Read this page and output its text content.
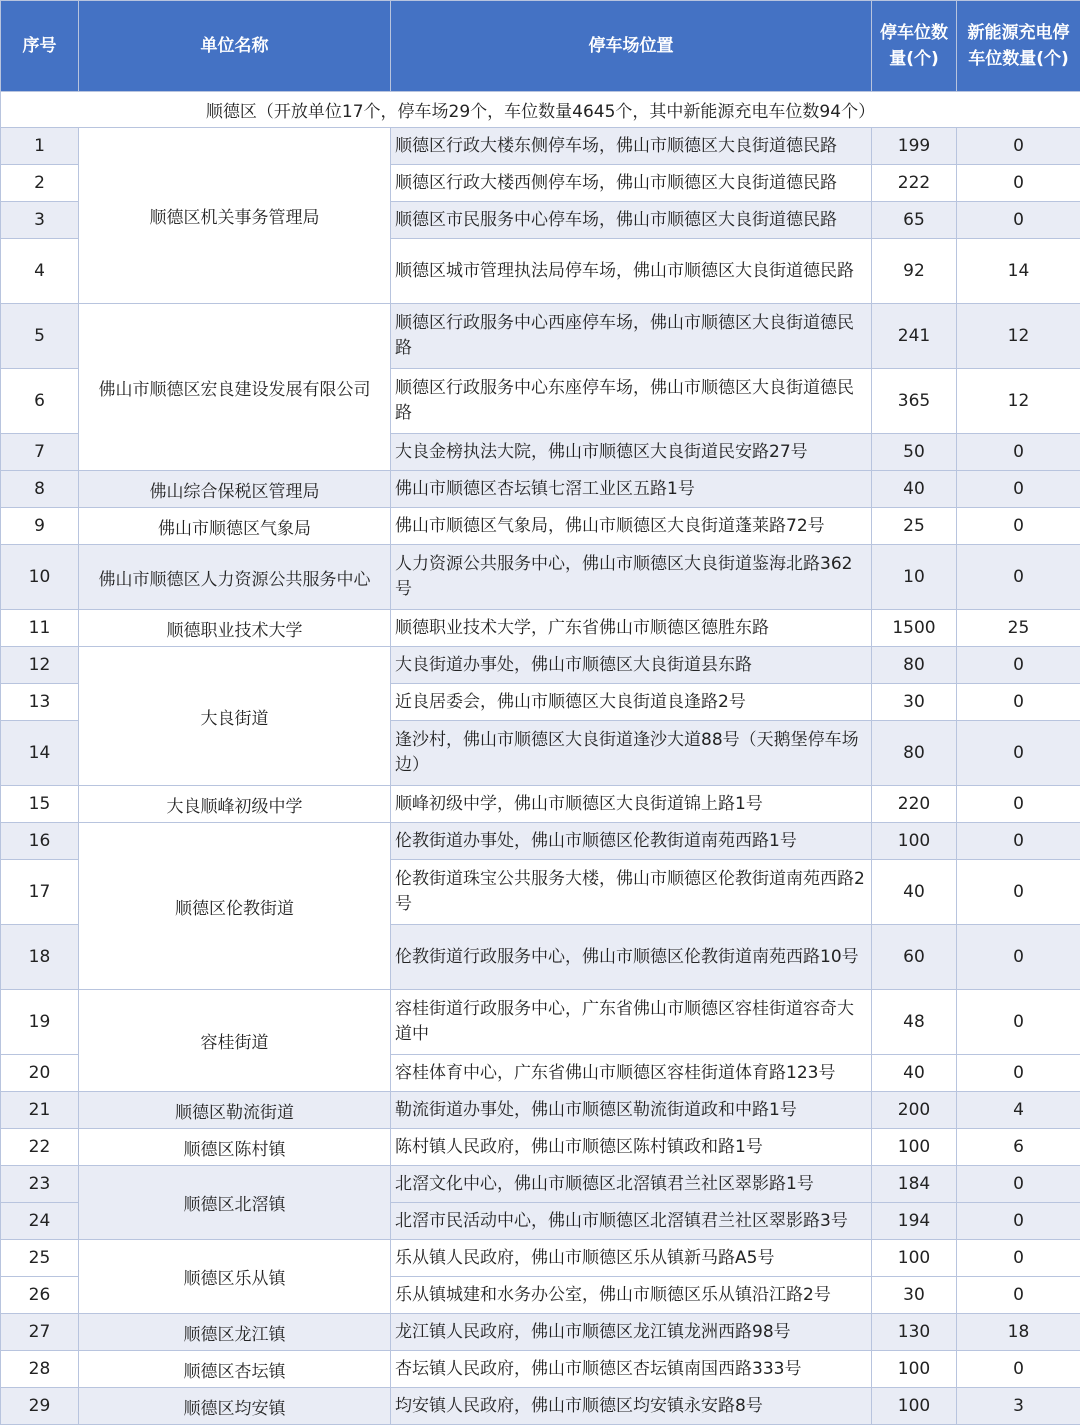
序号	单位名称	停车场位置	停车位数量(个)	新能源充电停车位数量(个)
顺德区（开放单位17个，停车场29个，车位数量4645个，其中新能源充电车位数94个）				
1	顺德区机关事务管理局	顺德区行政大楼东侧停车场，佛山市顺德区大良街道德民路	199	0
2		顺德区行政大楼西侧停车场，佛山市顺德区大良街道德民路	222	0
3		顺德区市民服务中心停车场，佛山市顺德区大良街道德民路	65	0
4		顺德区城市管理执法局停车场，佛山市顺德区大良街道德民路	92	14
5	佛山市顺德区宏良建设发展有限公司	顺德区行政服务中心西座停车场，佛山市顺德区大良街道德民路	241	12
6		顺德区行政服务中心东座停车场，佛山市顺德区大良街道德民路	365	12
7		大良金榜执法大院，佛山市顺德区大良街道民安路27号	50	0
8	佛山综合保税区管理局	佛山市顺德区杏坛镇七滘工业区五路1号	40	0
9	佛山市顺德区气象局	佛山市顺德区气象局，佛山市顺德区大良街道蓬莱路72号	25	0
10	佛山市顺德区人力资源公共服务中心	人力资源公共服务中心，佛山市顺德区大良街道鉴海北路362号	10	0
11	顺德职业技术大学	顺德职业技术大学，广东省佛山市顺德区德胜东路	1500	25
12	大良街道	大良街道办事处，佛山市顺德区大良街道县东路	80	0
13		近良居委会，佛山市顺德区大良街道良逢路2号	30	0
14		逢沙村，佛山市顺德区大良街道逢沙大道88号（天鹅堡停车场边）	80	0
15	大良顺峰初级中学	顺峰初级中学，佛山市顺德区大良街道锦上路1号	220	0
16	顺德区伦教街道	伦教街道办事处，佛山市顺德区伦教街道南苑西路1号	100	0
17		伦教街道珠宝公共服务大楼，佛山市顺德区伦教街道南苑西路2号	40	0
18		伦教街道行政服务中心，佛山市顺德区伦教街道南苑西路10号	60	0
19	容桂街道	容桂街道行政服务中心，广东省佛山市顺德区容桂街道容奇大道中	48	0
20		容桂体育中心，广东省佛山市顺德区容桂街道体育路123号	40	0
21	顺德区勒流街道	勒流街道办事处，佛山市顺德区勒流街道政和中路1号	200	4
22	顺德区陈村镇	陈村镇人民政府，佛山市顺德区陈村镇政和路1号	100	6
23	顺德区北滘镇	北滘文化中心，佛山市顺德区北滘镇君兰社区翠影路1号	184	0
24		北滘市民活动中心，佛山市顺德区北滘镇君兰社区翠影路3号	194	0
25	顺德区乐从镇	乐从镇人民政府，佛山市顺德区乐从镇新马路A5号	100	0
26		乐从镇城建和水务办公室，佛山市顺德区乐从镇沿江路2号	30	0
27	顺德区龙江镇	龙江镇人民政府，佛山市顺德区龙江镇龙洲西路98号	130	18
28	顺德区杏坛镇	杏坛镇人民政府，佛山市顺德区杏坛镇南国西路333号	100	0
29	顺德区均安镇	均安镇人民政府，佛山市顺德区均安镇永安路8号	100	3
